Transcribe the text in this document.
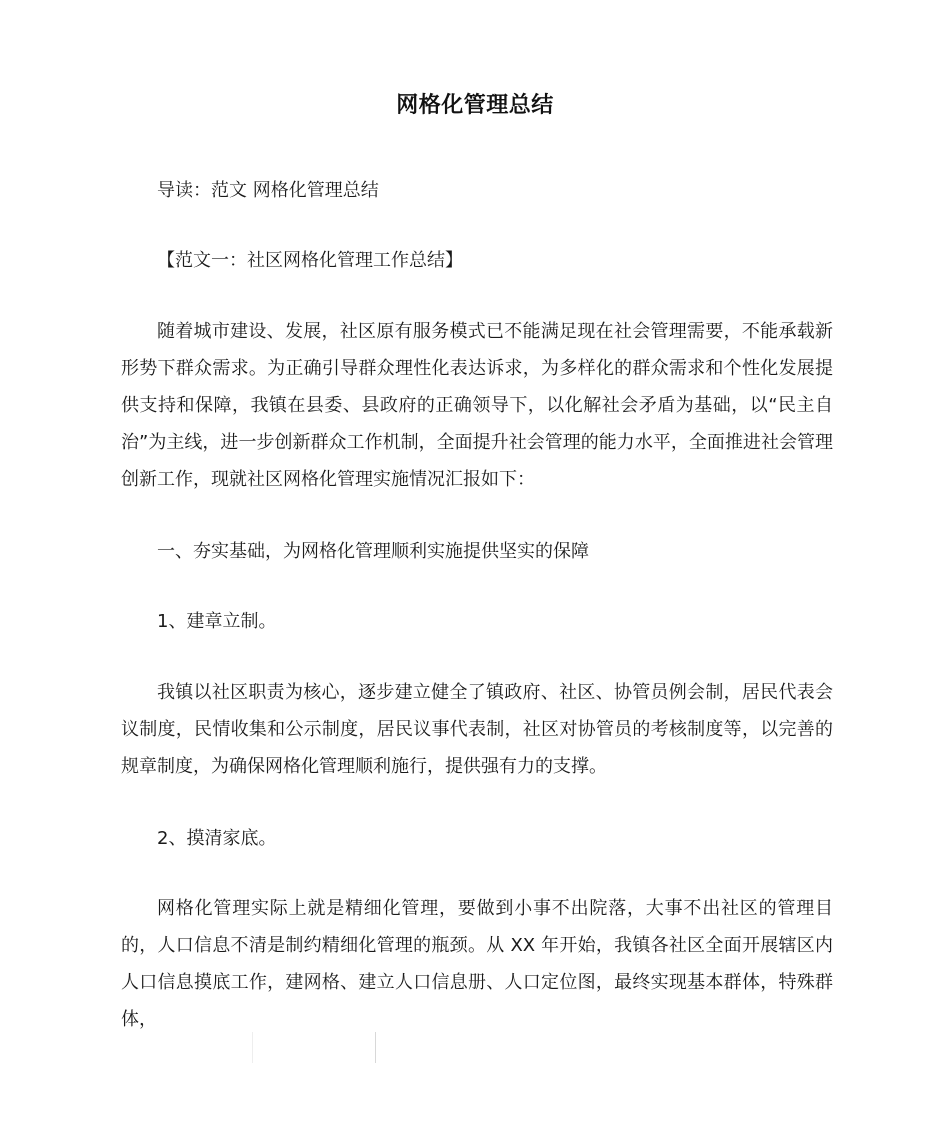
网格化管理总结
导读：范文 网格化管理总结
【范文一：社区网格化管理工作总结】
随着城市建设、发展，社区原有服务模式已不能满足现在社会管理需要，不能承载新形势下群众需求。为正确引导群众理性化表达诉求，为多样化的群众需求和个性化发展提供支持和保障，我镇在县委、县政府的正确领导下，以化解社会矛盾为基础，以“民主自治”为主线，进一步创新群众工作机制，全面提升社会管理的能力水平，全面推进社会管理创新工作，现就社区网格化管理实施情况汇报如下：
一、夯实基础，为网格化管理顺利实施提供坚实的保障
1、建章立制。
我镇以社区职责为核心，逐步建立健全了镇政府、社区、协管员例会制，居民代表会议制度，民情收集和公示制度，居民议事代表制，社区对协管员的考核制度等，以完善的规章制度，为确保网格化管理顺利施行，提供强有力的支撑。
2、摸清家底。
网格化管理实际上就是精细化管理，要做到小事不出院落，大事不出社区的管理目的，人口信息不清是制约精细化管理的瓶颈。从 XX 年开始，我镇各社区全面开展辖区内人口信息摸底工作，建网格、建立人口信息册、人口定位图，最终实现基本群体，特殊群体，
